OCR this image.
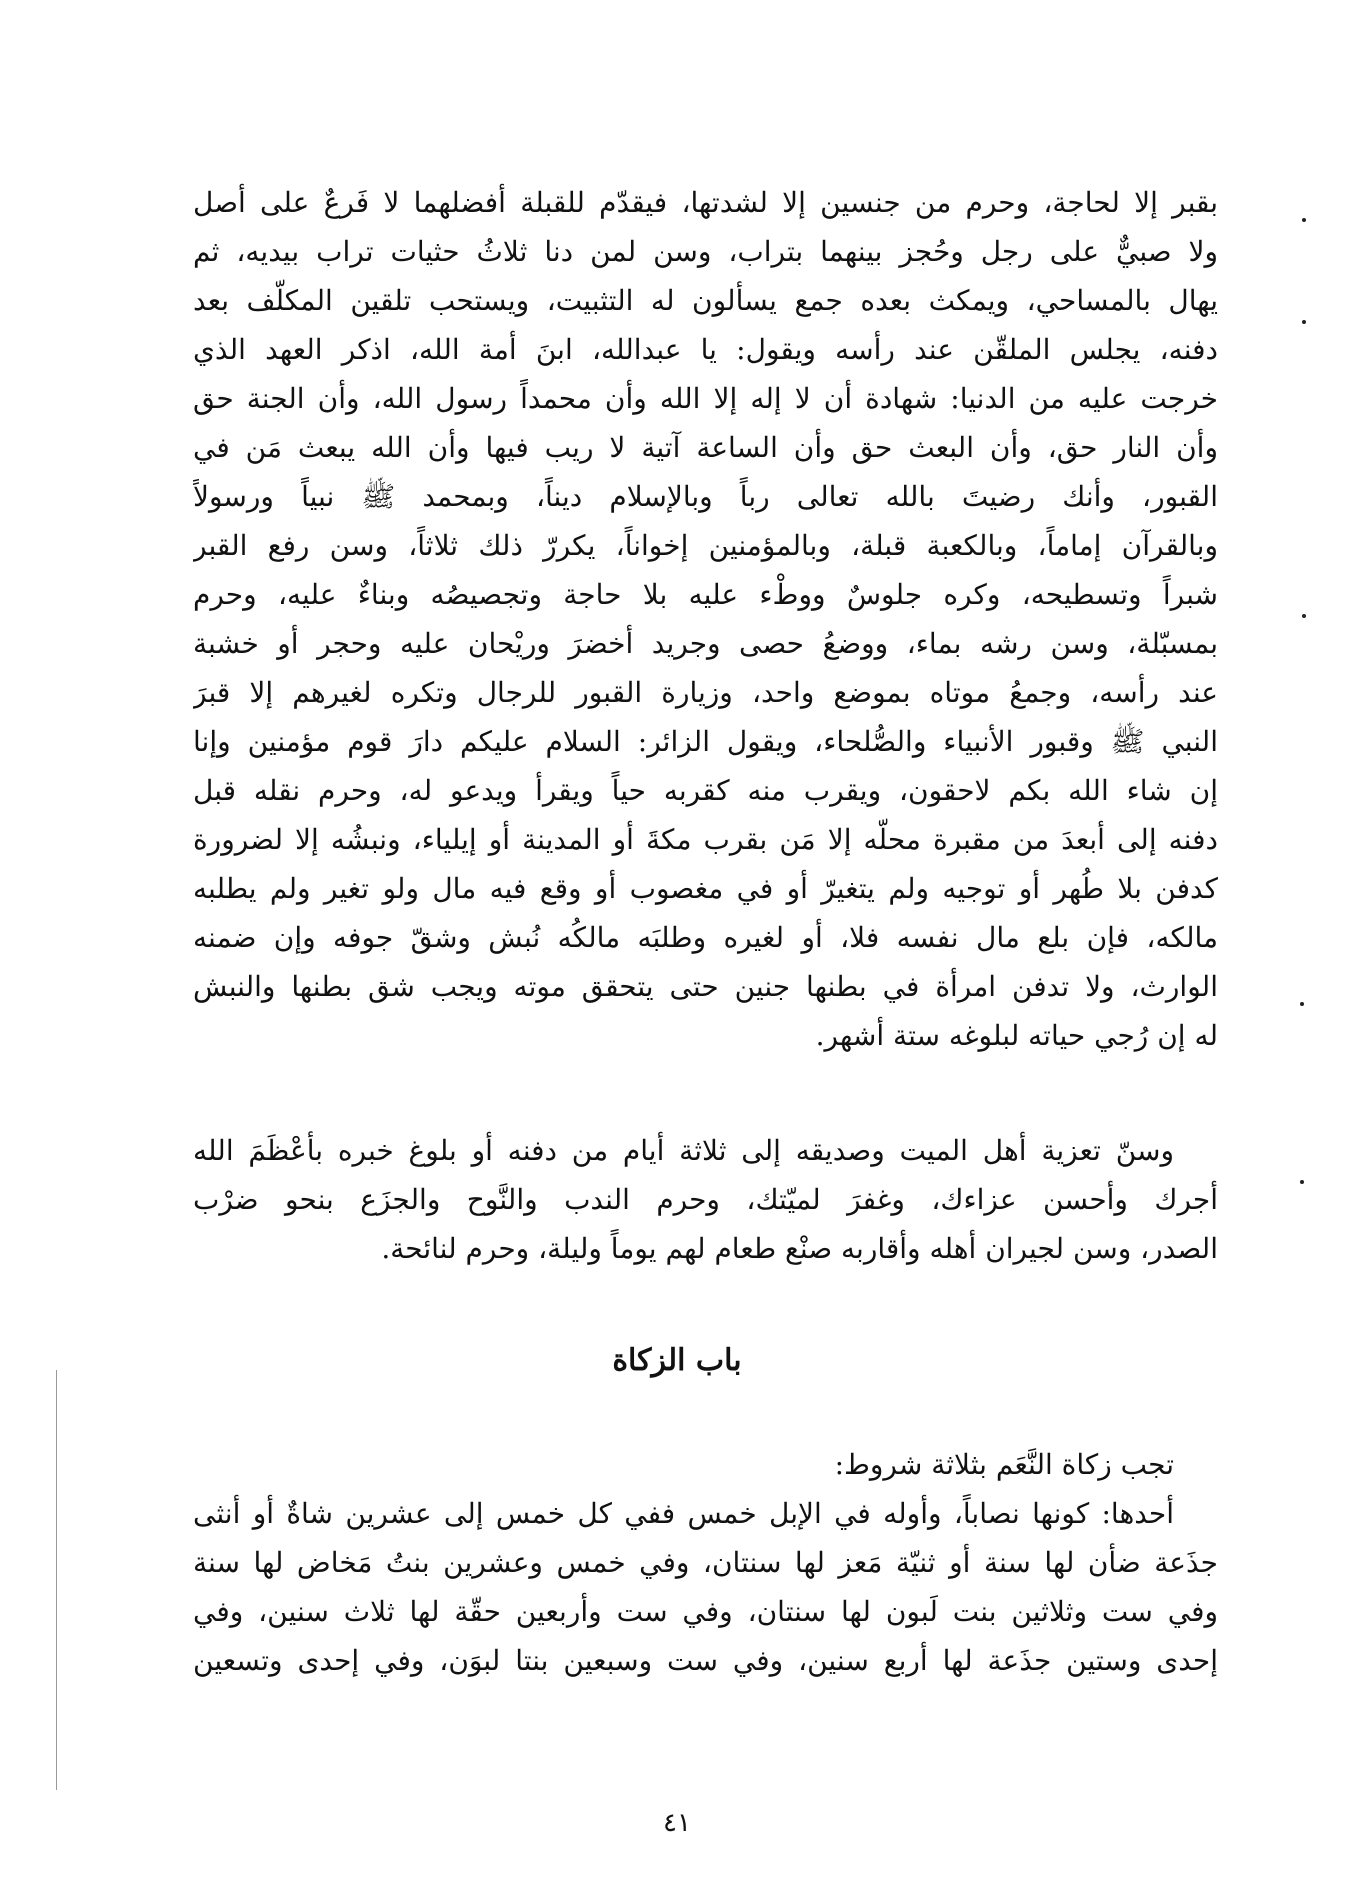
بقبر إلا لحاجة، وحرم من جنسين إلا لشدتها، فيقدّم للقبلة أفضلهما لا فَرعٌ على أصل
ولا صبيٌّ على رجل وحُجز بينهما بتراب، وسن لمن دنا ثلاثُ حثيات تراب بيديه، ثم
يهال بالمساحي، ويمكث بعده جمع يسألون له التثبيت، ويستحب تلقين المكلّف بعد
دفنه، يجلس الملقّن عند رأسه ويقول: يا عبدالله، ابنَ أمة الله، اذكر العهد الذي
خرجت عليه من الدنيا: شهادة أن لا إله إلا الله وأن محمداً رسول الله، وأن الجنة حق
وأن النار حق، وأن البعث حق وأن الساعة آتية لا ريب فيها وأن الله يبعث مَن في
القبور، وأنك رضيتَ بالله تعالى رباً وبالإسلام ديناً، وبمحمد ﷺ نبياً ورسولاً
وبالقرآن إماماً، وبالكعبة قبلة، وبالمؤمنين إخواناً، يكررّ ذلك ثلاثاً، وسن رفع القبر
شبراً وتسطيحه، وكره جلوسٌ ووطْء عليه بلا حاجة وتجصيصُه وبناءٌ عليه، وحرم
بمسبّلة، وسن رشه بماء، ووضعُ حصى وجريد أخضرَ وريْحان عليه وحجر أو خشبة
عند رأسه، وجمعُ موتاه بموضع واحد، وزيارة القبور للرجال وتكره لغيرهم إلا قبرَ
النبي ﷺ وقبور الأنبياء والصُّلحاء، ويقول الزائر: السلام عليكم دارَ قوم مؤمنين وإنا
إن شاء الله بكم لاحقون، ويقرب منه كقربه حياً ويقرأ ويدعو له، وحرم نقله قبل
دفنه إلى أبعدَ من مقبرة محلّه إلا مَن بقرب مكةَ أو المدينة أو إيلياء، ونبشُه إلا لضرورة
كدفن بلا طُهر أو توجيه ولم يتغيرّ أو في مغصوب أو وقع فيه مال ولو تغير ولم يطلبه
مالكه، فإن بلع مال نفسه فلا، أو لغيره وطلبَه مالكُه نُبش وشقّ جوفه وإن ضمنه
الوارث، ولا تدفن امرأة في بطنها جنين حتى يتحقق موته ويجب شق بطنها والنبش
له إن رُجي حياته لبلوغه ستة أشهر.
وسنّ تعزية أهل الميت وصديقه إلى ثلاثة أيام من دفنه أو بلوغ خبره بأعْظَمَ الله
أجرك وأحسن عزاءك، وغفرَ لميّتك، وحرم الندب والنَّوح والجزَع بنحو ضرْب
الصدر، وسن لجيران أهله وأقاربه صنْع طعام لهم يوماً وليلة، وحرم لنائحة.
باب الزكاة
تجب زكاة النَّعَم بثلاثة شروط:
أحدها: كونها نصاباً، وأوله في الإبل خمس ففي كل خمس إلى عشرين شاةٌ أو أنثى
جذَعة ضأن لها سنة أو ثنيّة مَعز لها سنتان، وفي خمس وعشرين بنتُ مَخاض لها سنة
وفي ست وثلاثين بنت لَبون لها سنتان، وفي ست وأربعين حقّة لها ثلاث سنين، وفي
إحدى وستين جذَعة لها أربع سنين، وفي ست وسبعين بنتا لبوَن، وفي إحدى وتسعين
٤١
